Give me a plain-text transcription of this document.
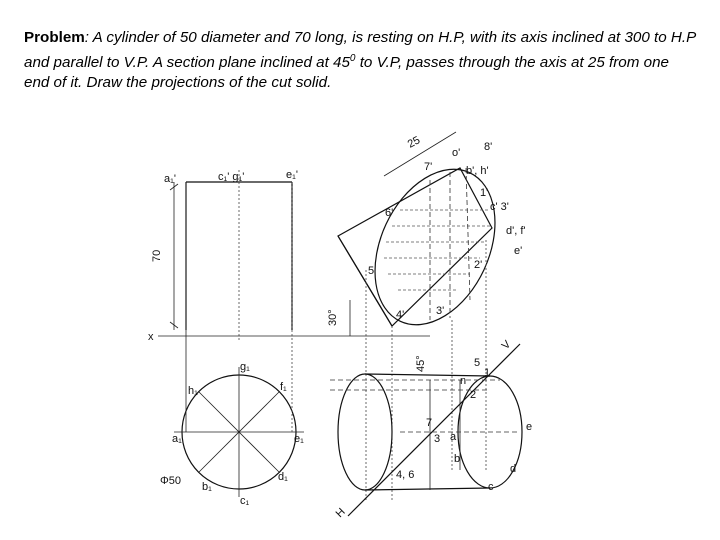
Problem: A cylinder of 50 diameter and 70 long, is resting on H.P, with its axis inclined at 300 to H.P and parallel to V.P. A section plane inclined at $45^0$ to V.P, passes through the axis at 25 from one end of it. Draw the projections of the cut solid.
70
x
25
a₁'	c₁' g₁'	e₁'
30°
45°
o' 8'
7'	b', h'
1'
c' 3'
6'
d', f'
e'
2'
5
4'	3'
g₁
h₁	f₁
a₁	e₁
Φ50 b₁
d₁
c₁
5
1
n
2
7
3 a
b
d
c
e
4, 6
H
V
